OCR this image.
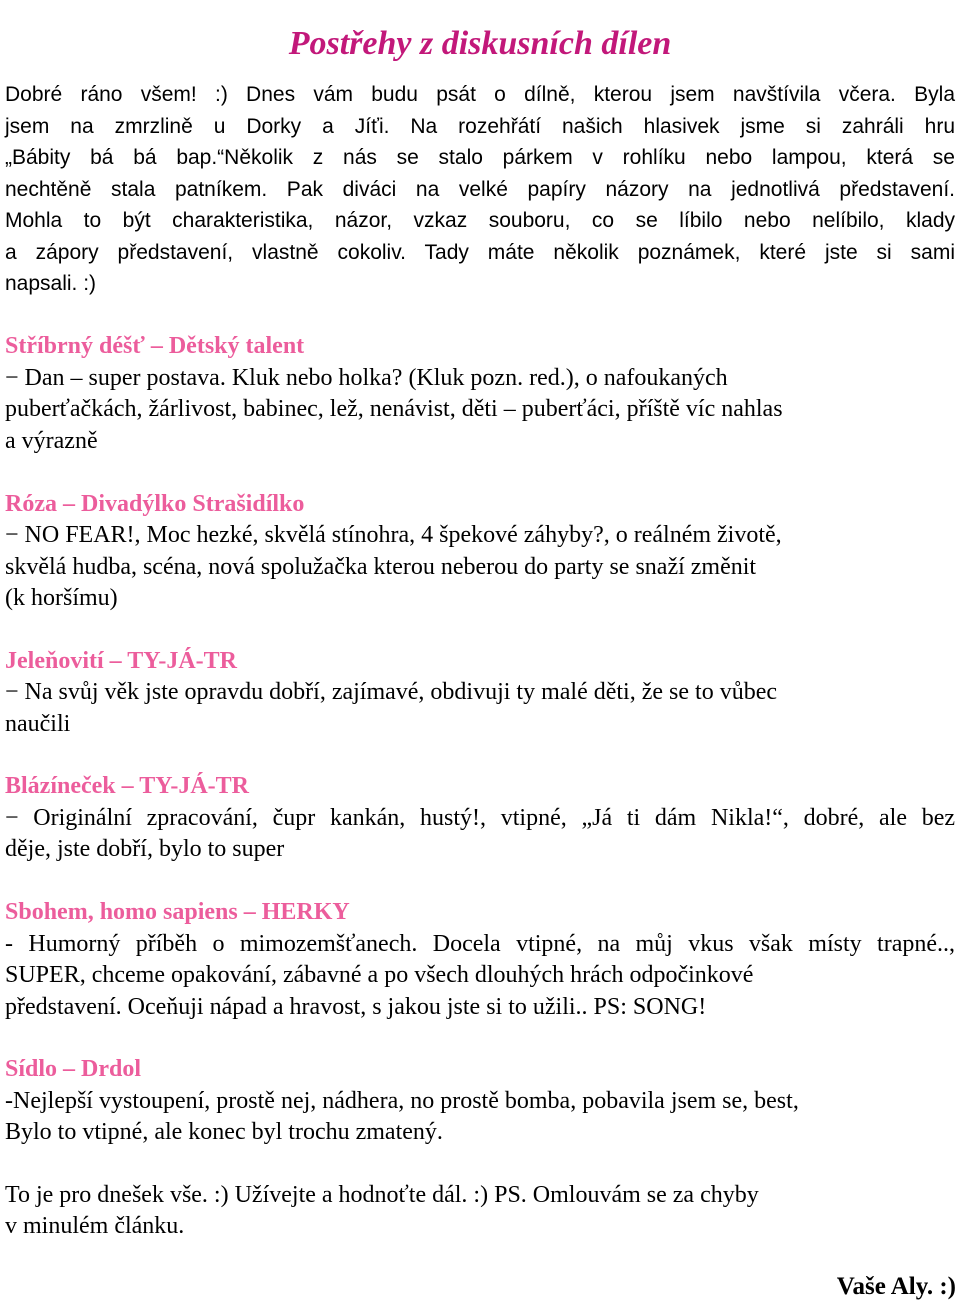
Postřehy z diskusních dílen

Dobré ráno všem! :) Dnes vám budu psát o dílně, kterou jsem navštívila včera. Byla

jsem na zmrzlině u Dorky a Jíťi. Na rozehřátí našich hlasivek jsme si zahráli hru

„Bábity bá bá bap.“Několik z nás se stalo párkem v rohlíku nebo lampou, která se

nechtěně stala patníkem. Pak diváci na velké papíry názory na jednotlivá představení.

Mohla to být charakteristika, názor, vzkaz souboru, co se líbilo nebo nelíbilo, klady

a zápory představení, vlastně cokoliv. Tady máte několik poznámek, které jste si sami

napsali. :)

Stříbrný déšť – Dětský talent

− Dan – super postava. Kluk nebo holka? (Kluk pozn. red.), o nafoukaných

puberťačkách, žárlivost, babinec, lež, nenávist, děti – puberťáci, příště víc nahlas

a výrazně

Róza – Divadýlko Strašidílko

− NO FEAR!, Moc hezké, skvělá stínohra, 4 špekové záhyby?, o reálném životě,

skvělá hudba, scéna, nová spolužačka kterou neberou do party se snaží změnit

(k horšímu)

Jeleňovití – TY-JÁ-TR

− Na svůj věk jste opravdu dobří, zajímavé, obdivuji ty malé děti, že se to vůbec

naučili

Blázíneček – TY-JÁ-TR

− Originální zpracování, čupr kankán, hustý!, vtipné, „Já ti dám Nikla!“, dobré, ale bez

děje, jste dobří, bylo to super

Sbohem, homo sapiens – HERKY

- Humorný příběh o mimozemšťanech. Docela vtipné, na můj vkus však místy trapné..,

SUPER, chceme opakování, zábavné a po všech dlouhých hrách odpočinkové

představení. Oceňuji nápad a hravost, s jakou jste si to užili.. PS: SONG!

Sídlo – Drdol

-Nejlepší vystoupení, prostě nej, nádhera, no prostě bomba, pobavila jsem se, best,

Bylo to vtipné, ale konec byl trochu zmatený.

To je pro dnešek vše. :) Užívejte a hodnoťte dál. :) PS. Omlouvám se za chyby

v minulém článku.

Vaše Aly. :)
